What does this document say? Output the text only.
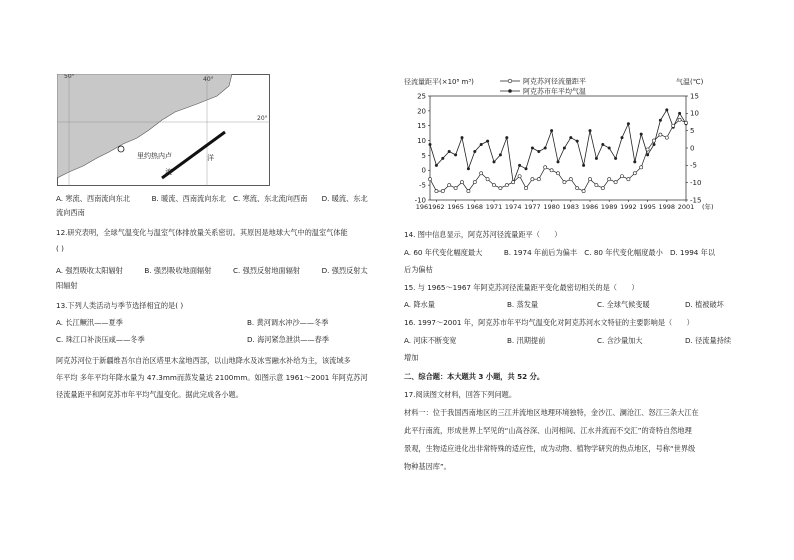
50°	40°
20°
里约热内卢	洋
流
A. 寒流、西南流向东北　　　B. 暖流、西南流向东北　C. 寒流、东北流向西南　　D. 暖流、东北
流向西南
12.研究表明，全球气温变化与温室气体排放量关系密切。其原因是地球大气中的温室气体能
( )
A. 强烈吸收太阳辐射　　　B. 强烈吸收地面辐射　　　C. 强烈反射地面辐射　　　D. 强烈反射太
阳辐射
13.下列人类活动与季节选择相宜的是( )
A. 长江鳜汛——夏季	B. 黄河调水冲沙——冬季
C. 珠江口补淡压咸——冬季	D. 海河紧急泄洪——春季
阿克苏河位于新疆维吾尔自治区塔里木盆地西部，以山地降水及冰雪融水补给为主，该流域多
年平均 多年平均年降水量为 47.3mm而蒸发量达 2100mm。如图示意 1961～2001 年阿克苏河
径流量距平和阿克苏市年平均气温变化。据此完成各小题。
径流量距平(×10⁸ m³)	气温(℃)
阿克苏河径流量距平
阿克苏市年平均气温
25
20
15
10
5
0
-5
-10
15
10
5
0
-5
-10
-15
1961
1962 1965 1968 1971 1974 1977 1980 1983 1986 1989 1992 1995 1998 2001 (年)
14. 图中信息显示，阿克苏河径流量距平（　　）
A. 60 年代变化幅度最大　　　B. 1974 年前后为偏丰　C. 80 年代变化幅度最小　D. 1994 年以
后为偏枯
15. 与 1965～1967 年阿克苏河径流量距平变化最密切相关的是（　　）
A. 降水量	B. 蒸发量	C. 全球气候变暖	D. 植被破坏
16. 1997～2001 年，阿克苏市年平均气温变化对阿克苏河水文特征的主要影响是（　　）
A. 河床不断变宽	B. 汛期提前	C. 含沙量加大	D. 径流量持续
增加
二、综合题：本大题共 3 小题，共 52 分。
17.阅读图文材料，回答下列问题。
材料一：位于我国西南地区的三江并流地区地理环境独特，金沙江、澜沧江、怒江三条大江在
此平行南流，形成世界上罕见的“山高谷深、山河相间、江水并流而不交汇”的奇特自然地理
景观，生物适应进化出非常特殊的适应性，成为动物、植物学研究的热点地区，号称“世界级
物种基因库”。
